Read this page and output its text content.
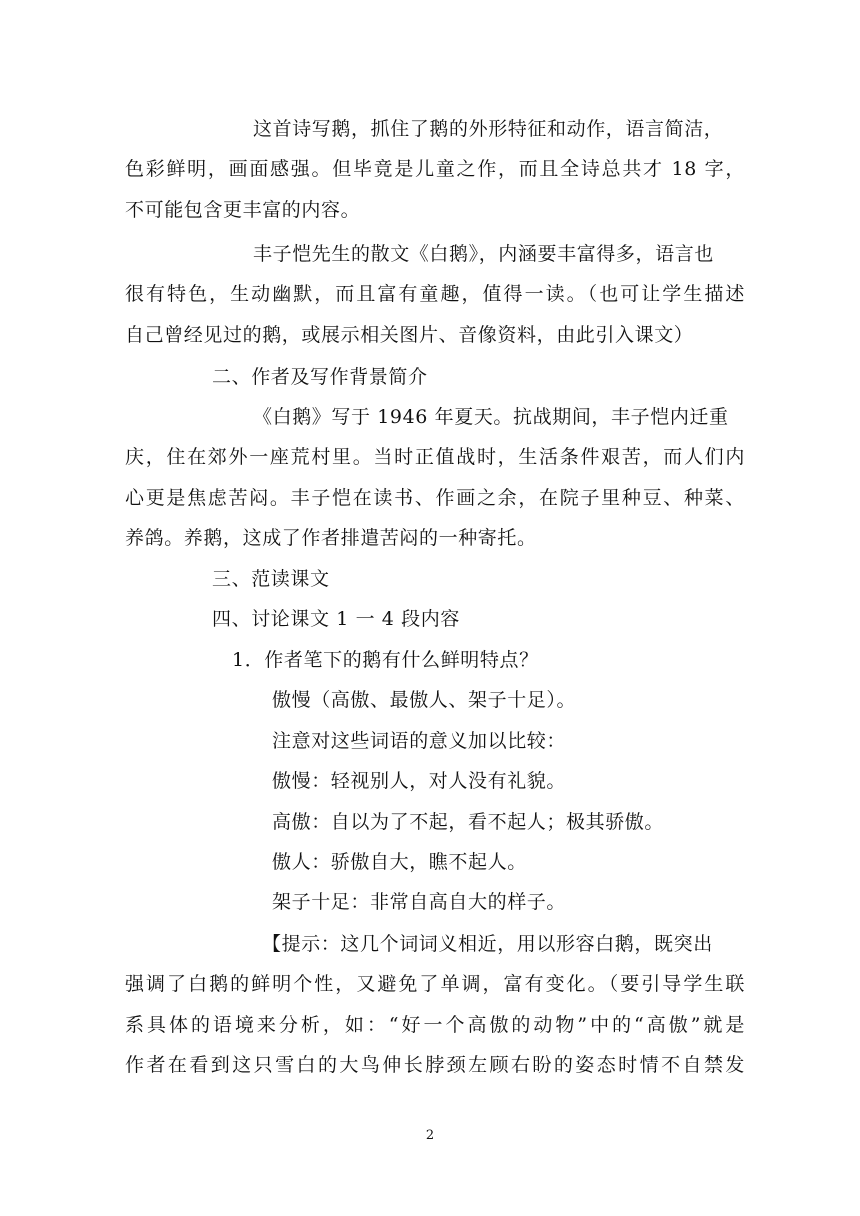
这首诗写鹅，抓住了鹅的外形特征和动作，语言简洁，
色彩鲜明，画面感强。但毕竟是儿童之作，而且全诗总共才 18 字，
不可能包含更丰富的内容。
丰子恺先生的散文《白鹅》，内涵要丰富得多，语言也
很有特色，生动幽默，而且富有童趣，值得一读。（也可让学生描述
自己曾经见过的鹅，或展示相关图片、音像资料，由此引入课文）
二、作者及写作背景简介
《白鹅》写于 1946 年夏天。抗战期间，丰子恺内迁重
庆，住在郊外一座荒村里。当时正值战时，生活条件艰苦，而人们内
心更是焦虑苦闷。丰子恺在读书、作画之余，在院子里种豆、种菜、
养鸽。养鹅，这成了作者排遣苦闷的一种寄托。
三、范读课文
四、讨论课文 1 一 4 段内容
1．作者笔下的鹅有什么鲜明特点？
傲慢（高傲、最傲人、架子十足）。
注意对这些词语的意义加以比较：
傲慢：轻视别人，对人没有礼貌。
高傲：自以为了不起，看不起人；极其骄傲。
傲人：骄傲自大，瞧不起人。
架子十足：非常自高自大的样子。
【提示：这几个词词义相近，用以形容白鹅，既突出
强调了白鹅的鲜明个性，又避免了单调，富有变化。（要引导学生联
系具体的语境来分析，如：“好一个高傲的动物”中的“高傲”就是
作者在看到这只雪白的大鸟伸长脖颈左顾右盼的姿态时情不自禁发
2
